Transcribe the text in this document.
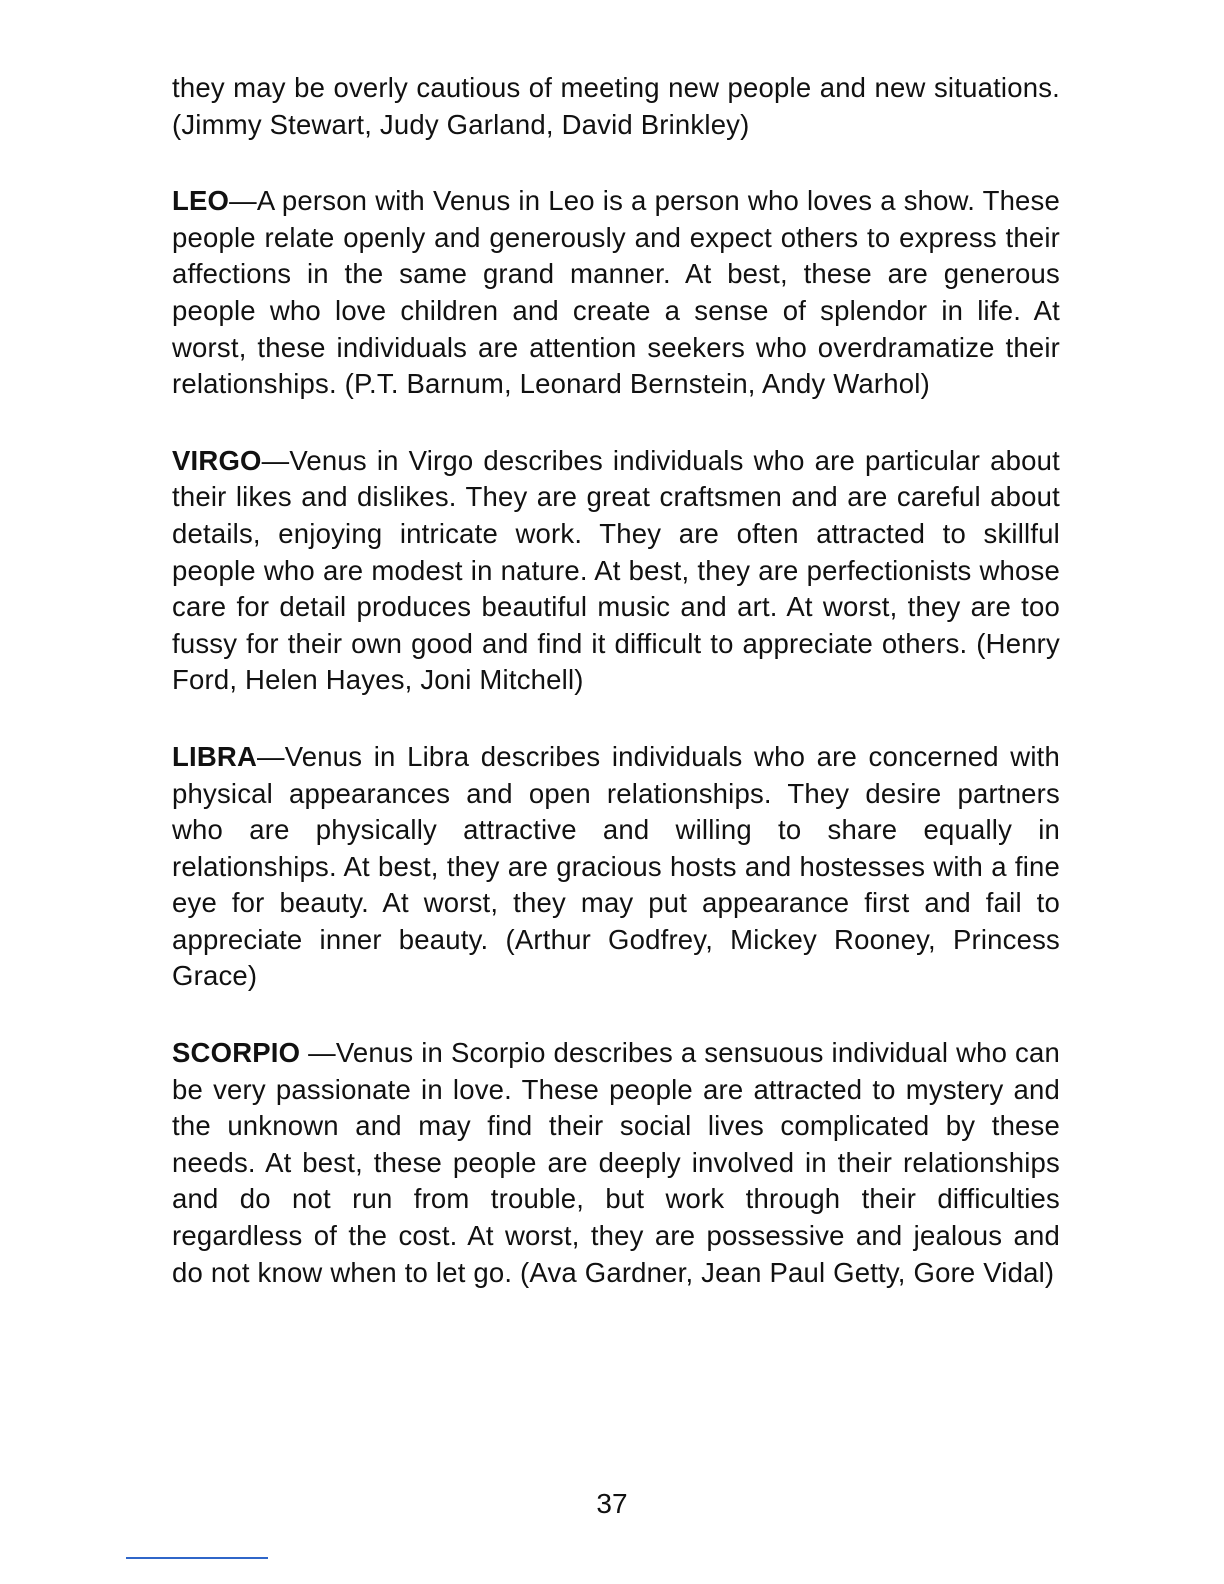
they may be overly cautious of meeting new people and new situations. (Jimmy Stewart, Judy Garland, David Brinkley)

LEO—A person with Venus in Leo is a person who loves a show. These people relate openly and generously and expect others to express their affections in the same grand manner. At best, these are generous people who love children and create a sense of splendor in life. At worst, these individuals are attention seekers who overdramatize their relationships. (P.T. Barnum, Leonard Bernstein, Andy Warhol)

VIRGO—Venus in Virgo describes individuals who are particular about their likes and dislikes. They are great craftsmen and are careful about details, enjoying intricate work. They are often attracted to skillful people who are modest in nature. At best, they are perfectionists whose care for detail produces beautiful music and art. At worst, they are too fussy for their own good and find it difficult to appreciate others. (Henry Ford, Helen Hayes, Joni Mitchell)

LIBRA—Venus in Libra describes individuals who are concerned with physical appearances and open relationships. They desire partners who are physically attractive and willing to share equally in relationships. At best, they are gracious hosts and hostesses with a fine eye for beauty. At worst, they may put appearance first and fail to appreciate inner beauty. (Arthur Godfrey, Mickey Rooney, Princess Grace)

SCORPIO —Venus in Scorpio describes a sensuous individual who can be very passionate in love. These people are attracted to mystery and the unknown and may find their social lives complicated by these needs. At best, these people are deeply involved in their relationships and do not run from trouble, but work through their difficulties regardless of the cost. At worst, they are possessive and jealous and do not know when to let go. (Ava Gardner, Jean Paul Getty, Gore Vidal)

37
